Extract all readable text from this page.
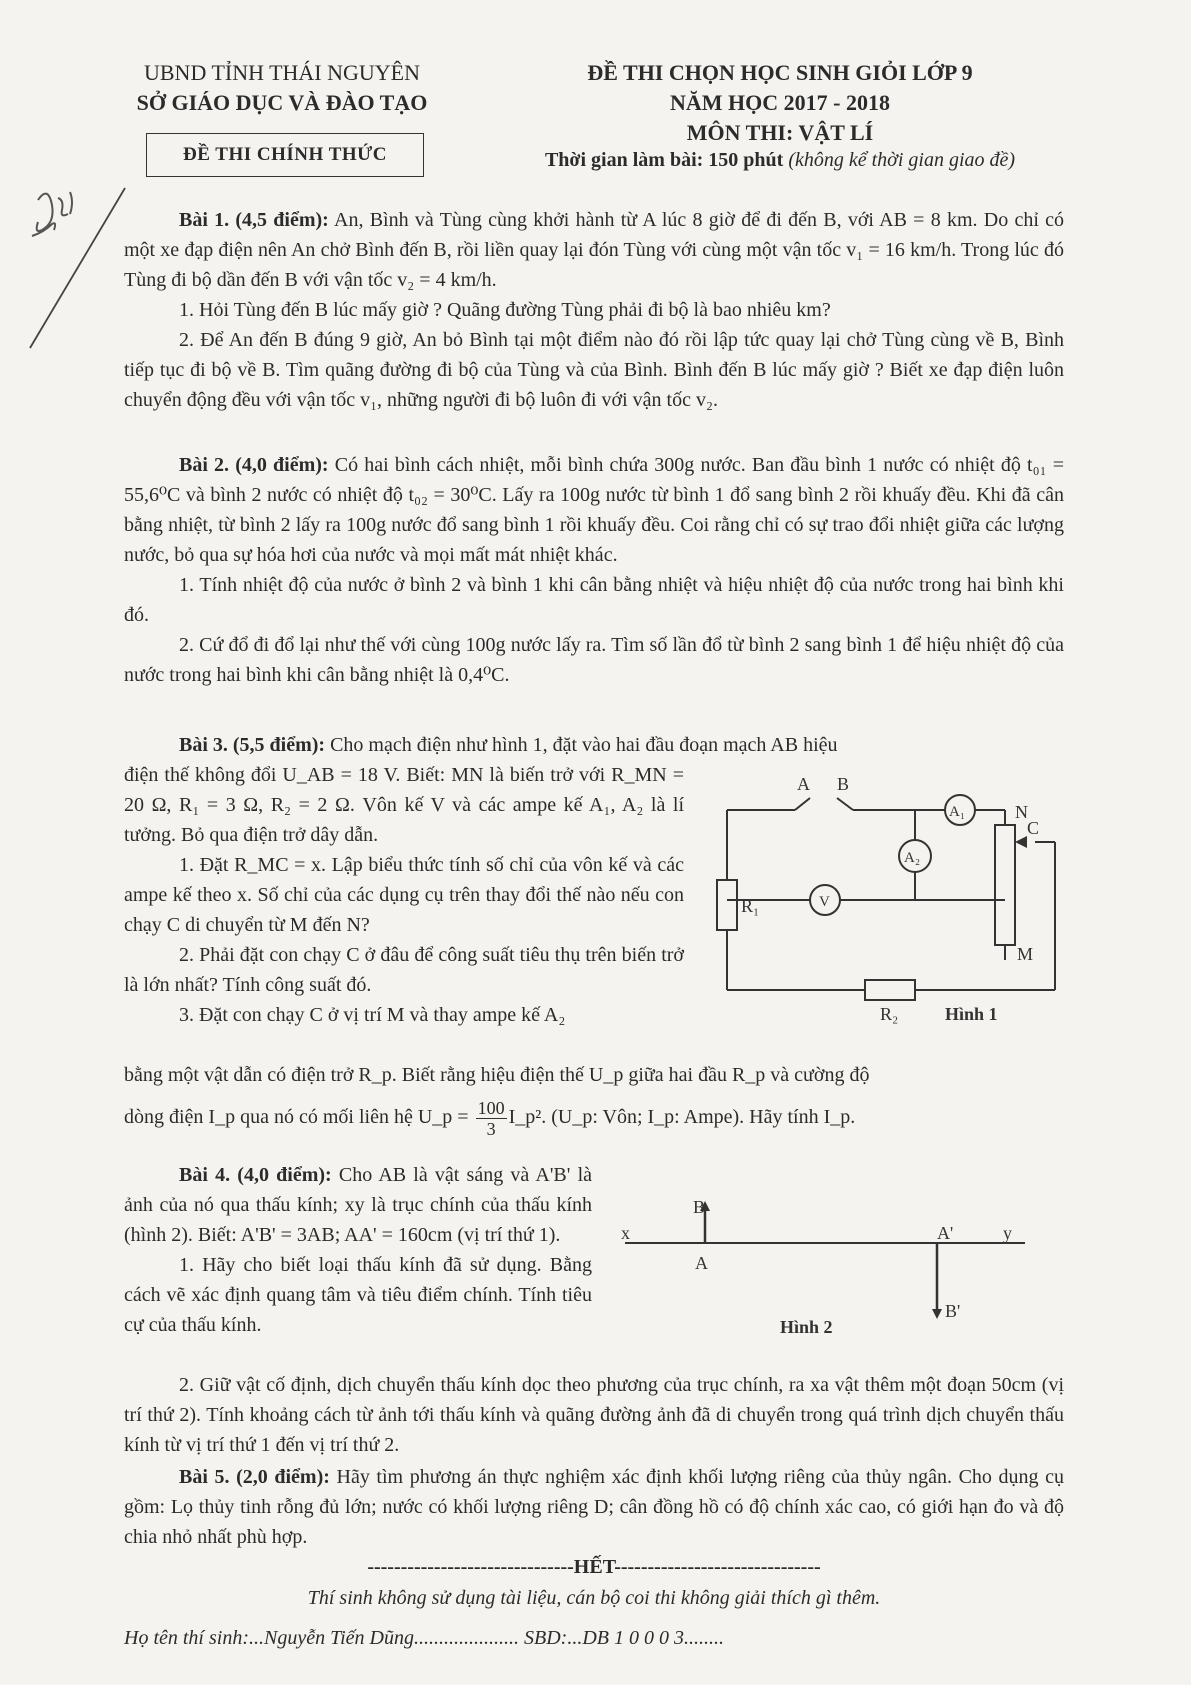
UBND TỈNH THÁI NGUYÊN
SỞ GIÁO DỤC VÀ ĐÀO TẠO
ĐỀ THI CHÍNH THỨC
ĐỀ THI CHỌN HỌC SINH GIỎI LỚP 9
NĂM HỌC 2017 - 2018
MÔN THI: VẬT LÍ
Thời gian làm bài: 150 phút (không kể thời gian giao đề)

Bài 1. (4,5 điểm): An, Bình và Tùng cùng khởi hành từ A lúc 8 giờ để đi đến B, với AB = 8 km. Do chỉ có một xe đạp điện nên An chở Bình đến B, rồi liền quay lại đón Tùng với cùng một vận tốc v₁ = 16 km/h. Trong lúc đó Tùng đi bộ dần đến B với vận tốc v₂ = 4 km/h.

1. Hỏi Tùng đến B lúc mấy giờ ? Quãng đường Tùng phải đi bộ là bao nhiêu km?

2. Để An đến B đúng 9 giờ, An bỏ Bình tại một điểm nào đó rồi lập tức quay lại chở Tùng cùng về B, Bình tiếp tục đi bộ về B. Tìm quãng đường đi bộ của Tùng và của Bình. Bình đến B lúc mấy giờ ? Biết xe đạp điện luôn chuyển động đều với vận tốc v₁, những người đi bộ luôn đi với vận tốc v₂.

Bài 2. (4,0 điểm): Có hai bình cách nhiệt, mỗi bình chứa 300g nước. Ban đầu bình 1 nước có nhiệt độ t₀₁ = 55,6⁰C và bình 2 nước có nhiệt độ t₀₂ = 30⁰C. Lấy ra 100g nước từ bình 1 đổ sang bình 2 rồi khuấy đều. Khi đã cân bằng nhiệt, từ bình 2 lấy ra 100g nước đổ sang bình 1 rồi khuấy đều. Coi rằng chỉ có sự trao đổi nhiệt giữa các lượng nước, bỏ qua sự hóa hơi của nước và mọi mất mát nhiệt khác.

1. Tính nhiệt độ của nước ở bình 2 và bình 1 khi cân bằng nhiệt và hiệu nhiệt độ của nước trong hai bình khi đó.

2. Cứ đổ đi đổ lại như thế với cùng 100g nước lấy ra. Tìm số lần đổ từ bình 2 sang bình 1 để hiệu nhiệt độ của nước trong hai bình khi cân bằng nhiệt là 0,4⁰C.

Bài 3. (5,5 điểm): Cho mạch điện như hình 1, đặt vào hai đầu đoạn mạch AB hiệu

điện thế không đổi U_AB = 18 V. Biết: MN là biến trở với R_MN = 20 Ω, R₁ = 3 Ω, R₂ = 2 Ω. Vôn kế V và các ampe kế A₁, A₂ là lí tưởng. Bỏ qua điện trở dây dẫn.

1. Đặt R_MC = x. Lập biểu thức tính số chỉ của vôn kế và các ampe kế theo x. Số chỉ của các dụng cụ trên thay đổi thế nào nếu con chạy C di chuyển từ M đến N?

2. Phải đặt con chạy C ở đâu để công suất tiêu thụ trên biến trở là lớn nhất? Tính công suất đó.

3. Đặt con chạy C ở vị trí M và thay ampe kế A₂

bằng một vật dẫn có điện trở R_p. Biết rằng hiệu điện thế U_p giữa hai đầu R_p và cường độ

dòng điện I_p qua nó có mối liên hệ U_p = $\frac{100}{3}$ I_p². (U_p: Vôn; I_p: Ampe). Hãy tính I_p.

A B
N
C
M
R₁
R₂
A₁
A₂
V
Hình 1

Bài 4. (4,0 điểm): Cho AB là vật sáng và A'B' là ảnh của nó qua thấu kính; xy là trục chính của thấu kính (hình 2). Biết: A'B' = 3AB; AA' = 160cm (vị trí thứ 1).

1. Hãy cho biết loại thấu kính đã sử dụng. Bằng cách vẽ xác định quang tâm và tiêu điểm chính. Tính tiêu cự của thấu kính.

2. Giữ vật cố định, dịch chuyển thấu kính dọc theo phương của trục chính, ra xa vật thêm một đoạn 50cm (vị trí thứ 2). Tính khoảng cách từ ảnh tới thấu kính và quãng đường ảnh đã di chuyển trong quá trình dịch chuyển thấu kính từ vị trí thứ 1 đến vị trí thứ 2.

x
B
A
A'	y
B'
Hình 2

Bài 5. (2,0 điểm): Hãy tìm phương án thực nghiệm xác định khối lượng riêng của thủy ngân. Cho dụng cụ gồm: Lọ thủy tinh rỗng đủ lớn; nước có khối lượng riêng D; cân đồng hồ có độ chính xác cao, có giới hạn đo và độ chia nhỏ nhất phù hợp.

-------------------------------HẾT-------------------------------
Thí sinh không sử dụng tài liệu, cán bộ coi thi không giải thích gì thêm.
Họ tên thí sinh:...Nguyễn Tiến Dũng..................... SBD:...DB 1 0 0 0 3........
